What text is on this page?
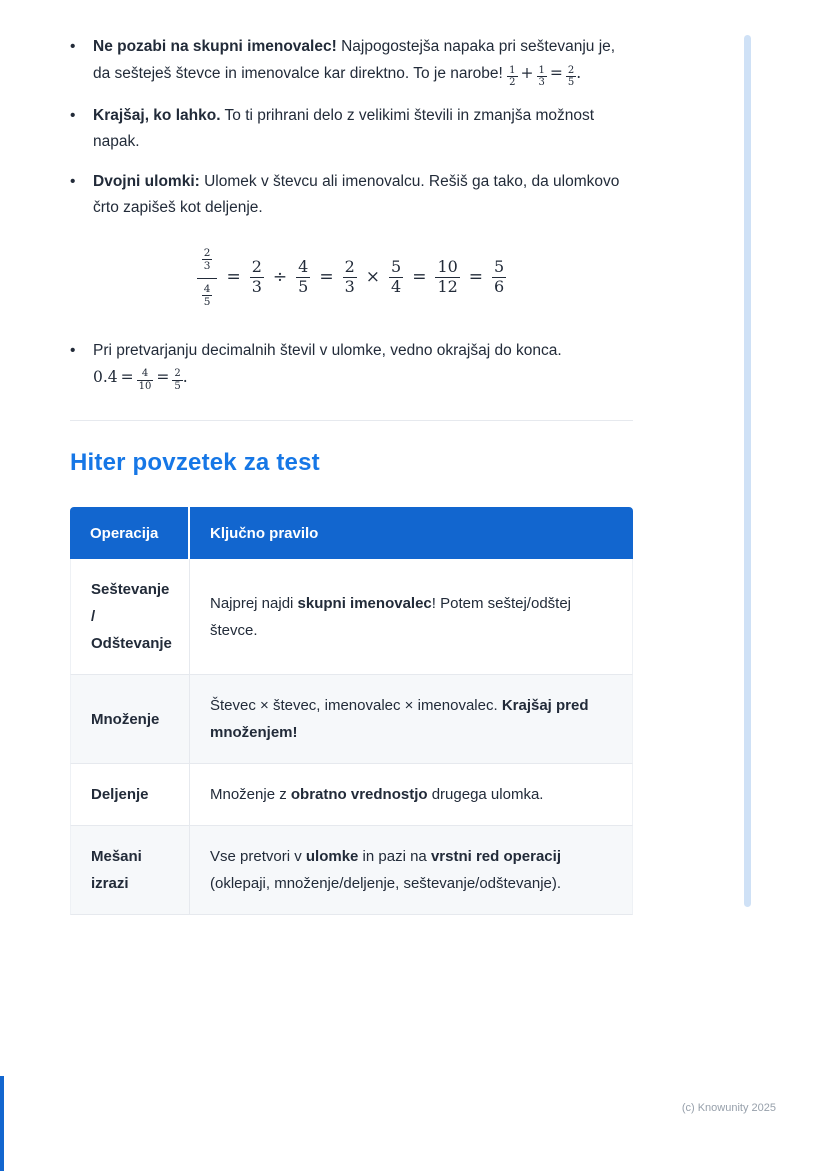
•	Ne pozabi na skupni imenovalec! Najpogostejša napaka pri seštevanju je, da sešteješ števce in imenovalce kar direktno. To je narobe! $\frac{1}{2} + \frac{1}{3} = \frac{2}{5}$ .
•	Krajšaj, ko lahko. To ti prihrani delo z velikimi števili in zmanjša možnost napak.
•	Dvojni ulomki: Ulomek v števcu ali imenovalcu. Rešiš ga tako, da ulomkovo črto zapišeš kot deljenje.
$\frac{\frac{2}{3}}{\frac{4}{5}} = \frac{2}{3} \div \frac{4}{5} = \frac{2}{3} \times \frac{5}{4} = \frac{10}{12} = \frac{5}{6}$
•	Pri pretvarjanju decimalnih števil v ulomke, vedno okrajšaj do konca.
$0.4 = \frac{4}{10} = \frac{2}{5}$ .
Hiter povzetek za test
Operacija	Ključno pravilo

Seštevanje
/
Odštevanje	Najprej najdi skupni imenovalec! Potem seštej/odštej števce.

Množenje	Števec × števec, imenovalec × imenovalec. Krajšaj pred množenjem!

Deljenje	Množenje z obratno vrednostjo drugega ulomka.

Mešani izrazi	Vse pretvori v ulomke in pazi na vrstni red operacij (oklepaji, množenje/deljenje, seštevanje/odštevanje).
(c) Knowunity 2025
